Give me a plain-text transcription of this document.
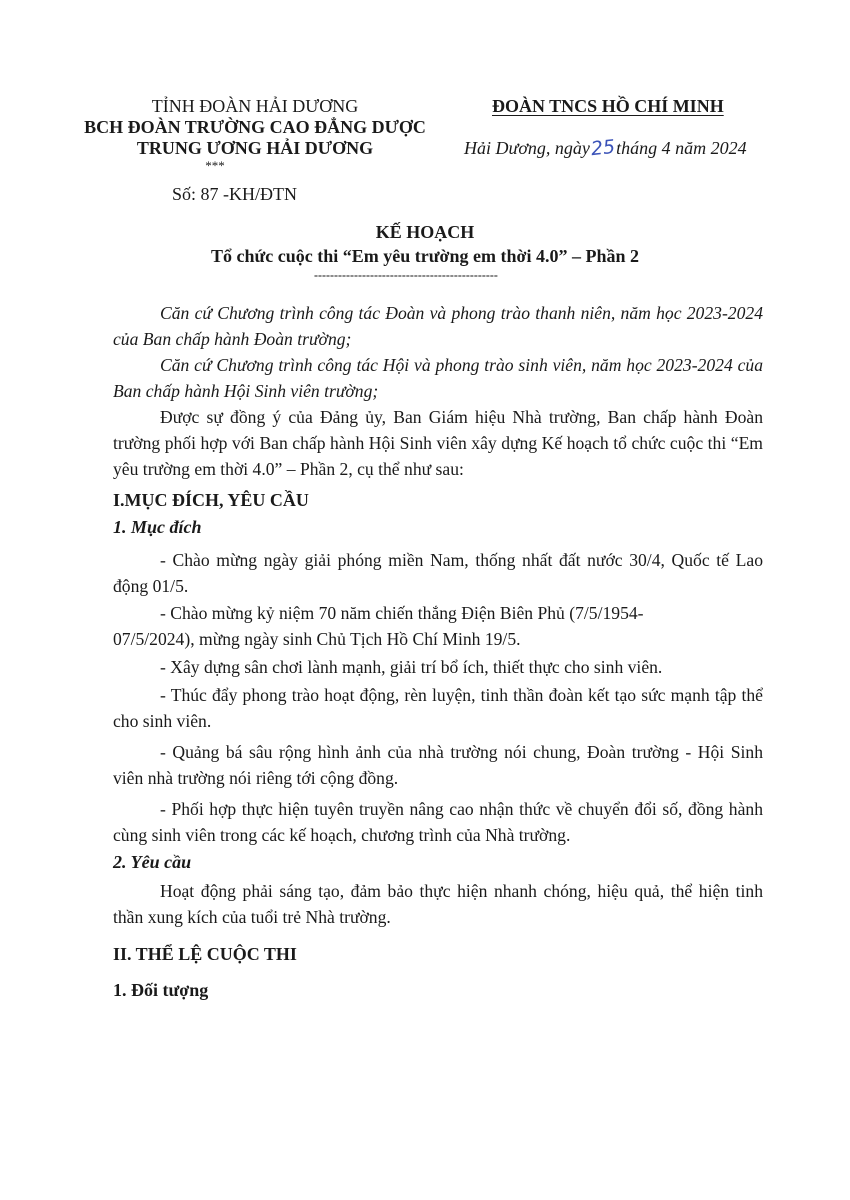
TỈNH ĐOÀN HẢI DƯƠNG
BCH ĐOÀN TRƯỜNG CAO ĐẲNG DƯỢC
TRUNG ƯƠNG HẢI DƯƠNG
***
Số: 87 -KH/ĐTN
ĐOÀN TNCS HỒ CHÍ MINH
Hải Dương, ngày25tháng 4 năm 2024
KẾ HOẠCH
Tổ chức cuộc thi “Em yêu trường em thời 4.0” – Phần 2
----------------------------------------------
Căn cứ Chương trình công tác Đoàn và phong trào thanh niên, năm học 2023-2024 của Ban chấp hành Đoàn trường;
Căn cứ Chương trình công tác Hội và phong trào sinh viên, năm học 2023-2024 của Ban chấp hành Hội Sinh viên trường;
Được sự đồng ý của Đảng ủy, Ban Giám hiệu Nhà trường, Ban chấp hành Đoàn trường phối hợp với Ban chấp hành Hội Sinh viên xây dựng Kế hoạch tổ chức cuộc thi “Em yêu trường em thời 4.0” – Phần 2, cụ thể như sau:
I.MỤC ĐÍCH, YÊU CẦU
1. Mục đích
- Chào mừng ngày giải phóng miền Nam, thống nhất đất nước 30/4, Quốc tế Lao động 01/5.
- Chào mừng kỷ niệm 70 năm chiến thắng Điện Biên Phủ (7/5/1954-
07/5/2024), mừng ngày sinh Chủ Tịch Hồ Chí Minh 19/5.
- Xây dựng sân chơi lành mạnh, giải trí bổ ích, thiết thực cho sinh viên.
- Thúc đẩy phong trào hoạt động, rèn luyện, tinh thần đoàn kết tạo sức mạnh tập thể cho sinh viên.
- Quảng bá sâu rộng hình ảnh của nhà trường nói chung, Đoàn trường - Hội Sinh viên nhà trường nói riêng tới cộng đồng.
- Phối hợp thực hiện tuyên truyền nâng cao nhận thức về chuyển đổi số, đồng hành cùng sinh viên trong các kế hoạch, chương trình của Nhà trường.
2. Yêu cầu
Hoạt động phải sáng tạo, đảm bảo thực hiện nhanh chóng, hiệu quả, thể hiện tinh thần xung kích của tuổi trẻ Nhà trường.
II. THỂ LỆ CUỘC THI
1. Đối tượng
